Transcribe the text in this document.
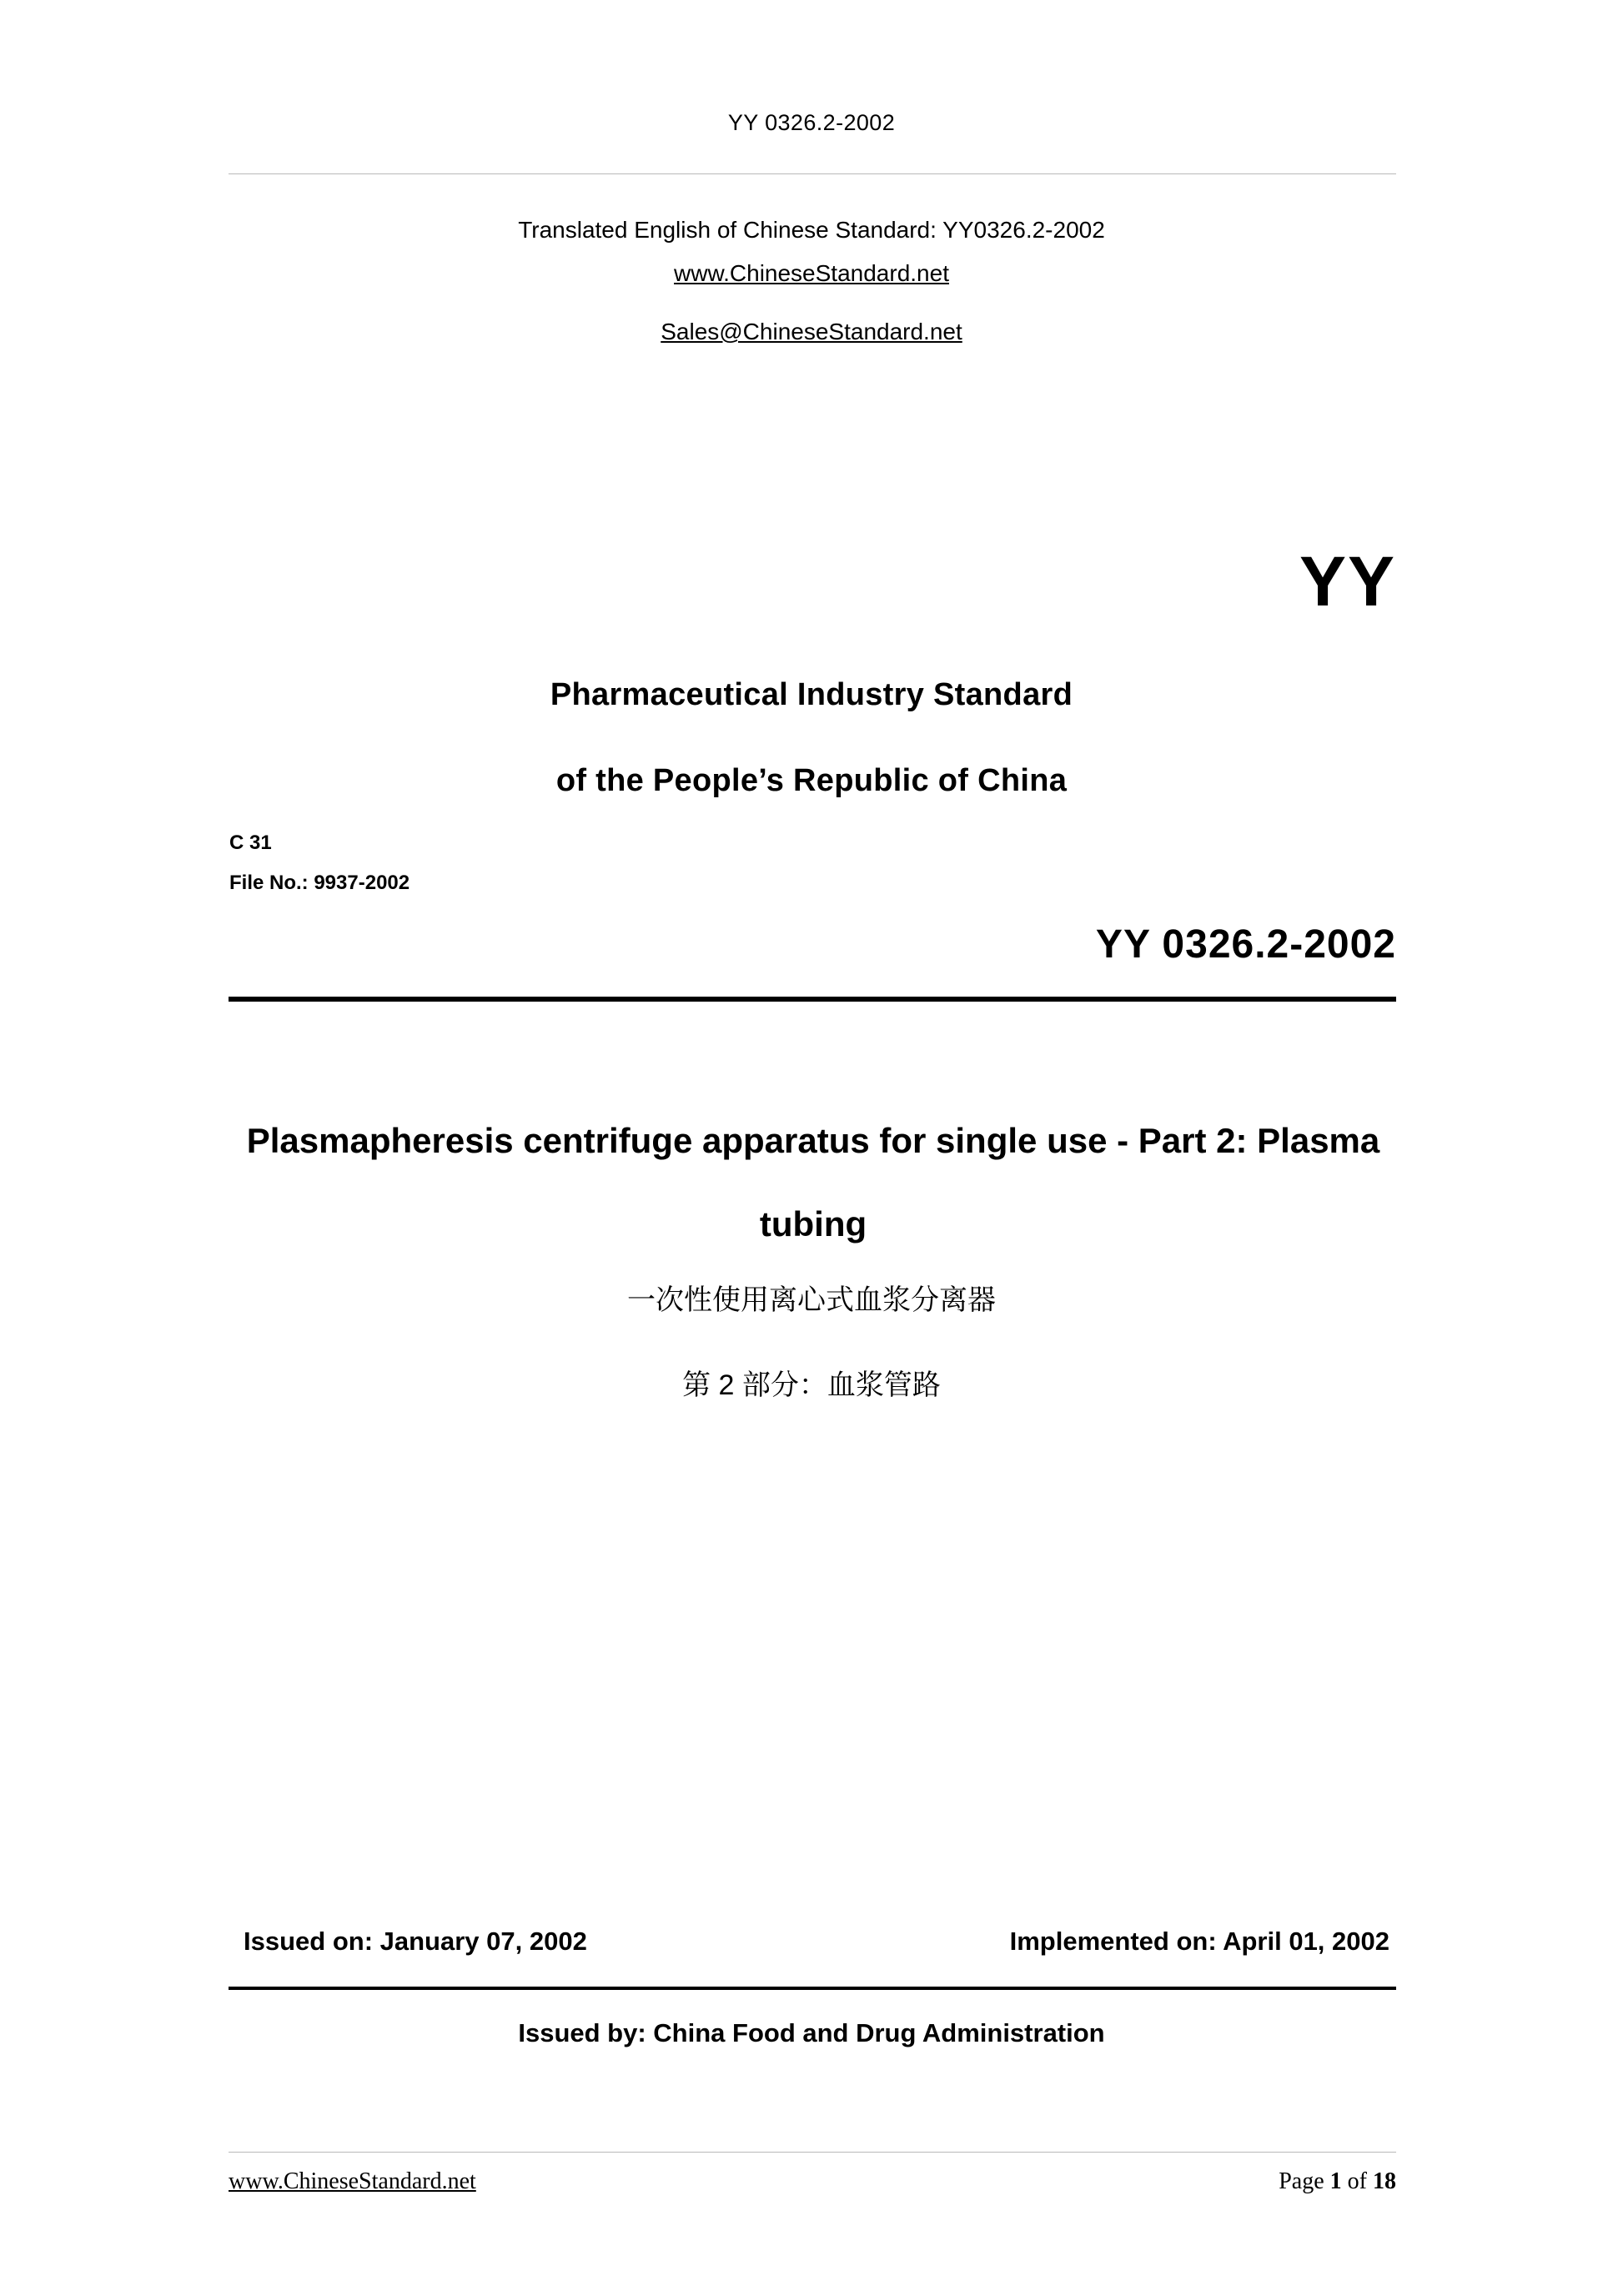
YY 0326.2-2002
Translated English of Chinese Standard: YY0326.2-2002
www.ChineseStandard.net
Sales@ChineseStandard.net
YY
Pharmaceutical Industry Standard
of the People’s Republic of China
C 31
File No.: 9937-2002
YY 0326.2-2002
Plasmapheresis centrifuge apparatus for single use - Part 2: Plasma tubing
一次性使用离心式血浆分离器
第 2 部分：血浆管路
Issued on: January 07, 2002	Implemented on: April 01, 2002
Issued by: China Food and Drug Administration
www.ChineseStandard.net	Page 1 of 18
